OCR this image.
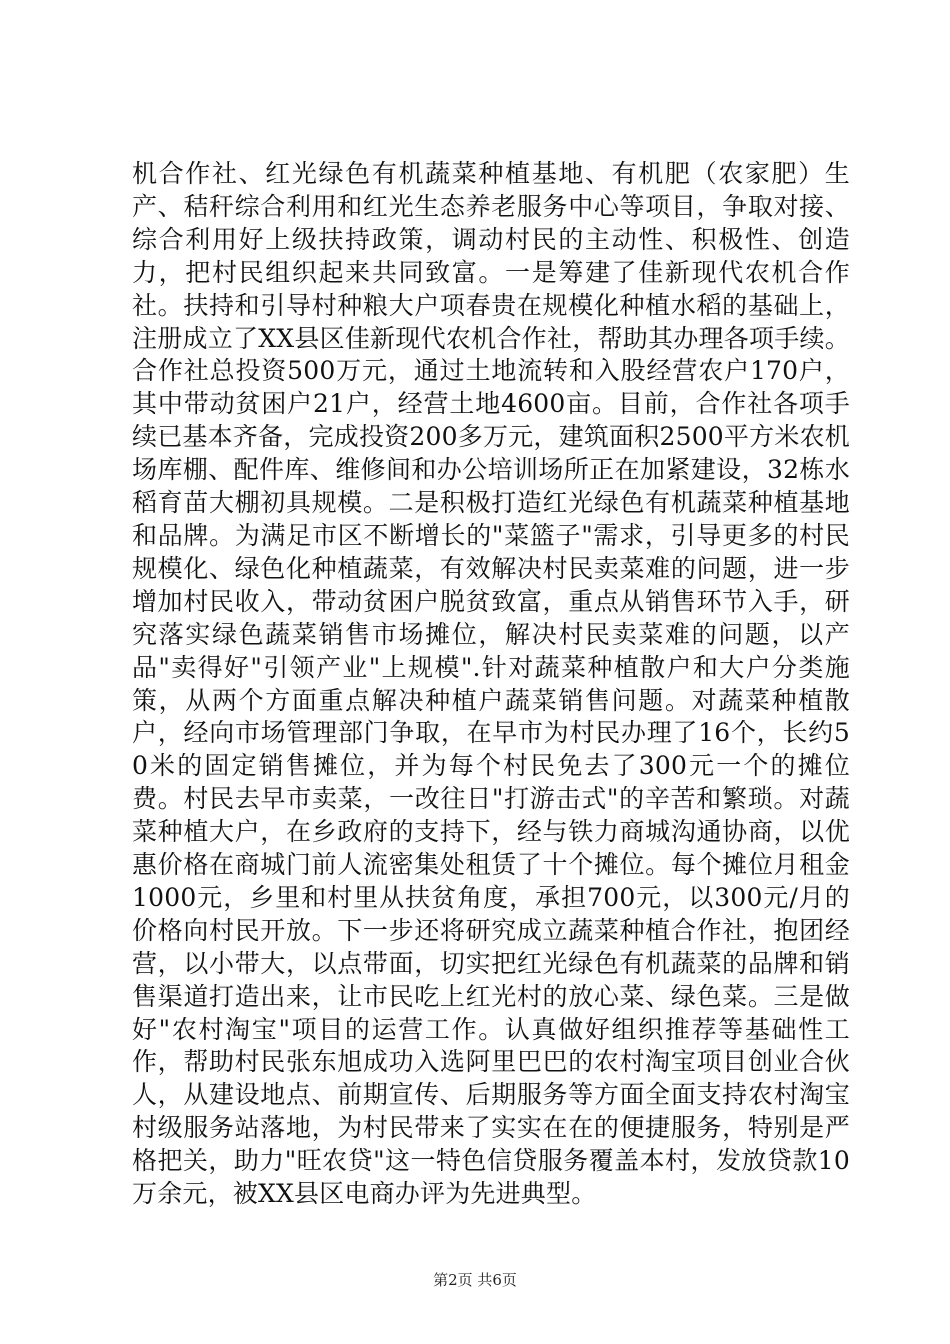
机合作社、红光绿色有机蔬菜种植基地、有机肥（农家肥）生产、秸秆综合利用和红光生态养老服务中心等项目，争取对接、综合利用好上级扶持政策，调动村民的主动性、积极性、创造力，把村民组织起来共同致富。一是筹建了佳新现代农机合作社。扶持和引导村种粮大户项春贵在规模化种植水稻的基础上，注册成立了XX县区佳新现代农机合作社，帮助其办理各项手续。合作社总投资500万元，通过土地流转和入股经营农户170户，其中带动贫困户21户，经营土地4600亩。目前，合作社各项手续已基本齐备，完成投资200多万元，建筑面积2500平方米农机场库棚、配件库、维修间和办公培训场所正在加紧建设，32栋水稻育苗大棚初具规模。二是积极打造红光绿色有机蔬菜种植基地和品牌。为满足市区不断增长的"菜篮子"需求，引导更多的村民规模化、绿色化种植蔬菜，有效解决村民卖菜难的问题，进一步增加村民收入，带动贫困户脱贫致富，重点从销售环节入手，研究落实绿色蔬菜销售市场摊位，解决村民卖菜难的问题，以产品"卖得好"引领产业"上规模".针对蔬菜种植散户和大户分类施策，从两个方面重点解决种植户蔬菜销售问题。对蔬菜种植散户，经向市场管理部门争取，在早市为村民办理了16个，长约50米的固定销售摊位，并为每个村民免去了300元一个的摊位费。村民去早市卖菜，一改往日"打游击式"的辛苦和繁琐。对蔬菜种植大户，在乡政府的支持下，经与铁力商城沟通协商，以优惠价格在商城门前人流密集处租赁了十个摊位。每个摊位月租金1000元，乡里和村里从扶贫角度，承担700元，以300元/月的价格向村民开放。下一步还将研究成立蔬菜种植合作社，抱团经营，以小带大，以点带面，切实把红光绿色有机蔬菜的品牌和销售渠道打造出来，让市民吃上红光村的放心菜、绿色菜。三是做好"农村淘宝"项目的运营工作。认真做好组织推荐等基础性工作，帮助村民张东旭成功入选阿里巴巴的农村淘宝项目创业合伙人，从建设地点、前期宣传、后期服务等方面全面支持农村淘宝村级服务站落地，为村民带来了实实在在的便捷服务，特别是严格把关，助力"旺农贷"这一特色信贷服务覆盖本村，发放贷款10万余元，被XX县区电商办评为先进典型。

第2页 共6页
